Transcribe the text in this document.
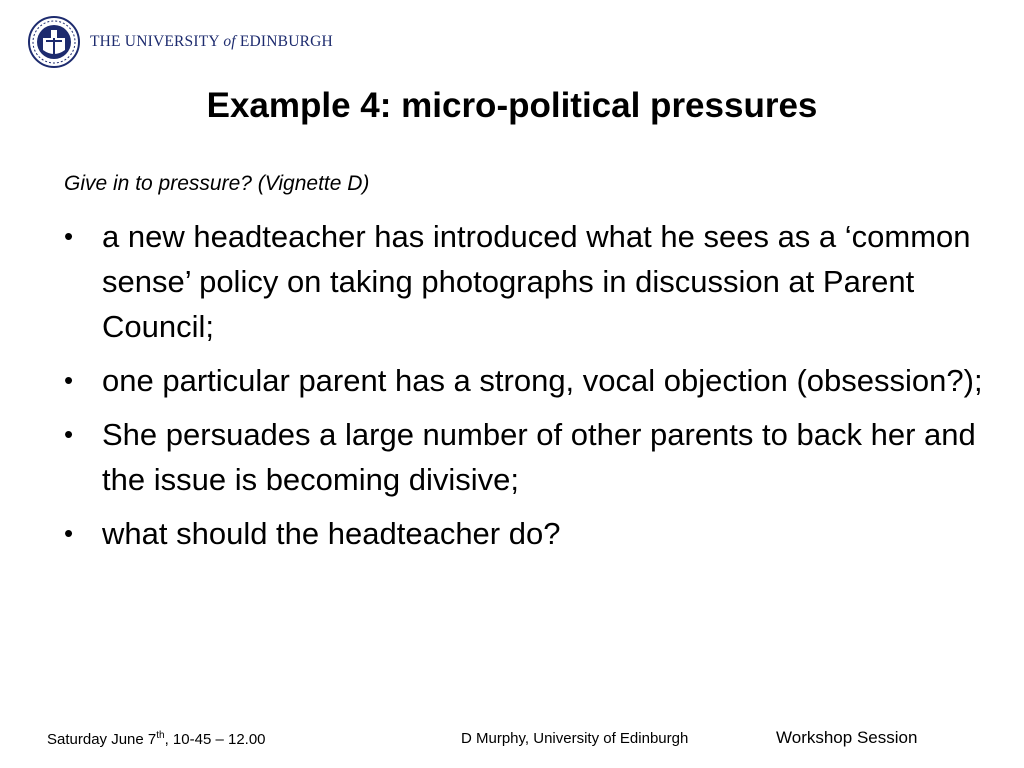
THE UNIVERSITY of EDINBURGH
Example 4: micro-political pressures
Give in to pressure? (Vignette D)
• a new headteacher has introduced what he sees as a ‘common sense’ policy on taking photographs in discussion at Parent Council;
• one particular parent has a strong, vocal objection (obsession?);
• She persuades a large number of other parents to back her and the issue is becoming divisive;
• what should the headteacher do?
Saturday June 7th, 10-45 – 12.00	D Murphy, University of Edinburgh	Workshop Session
